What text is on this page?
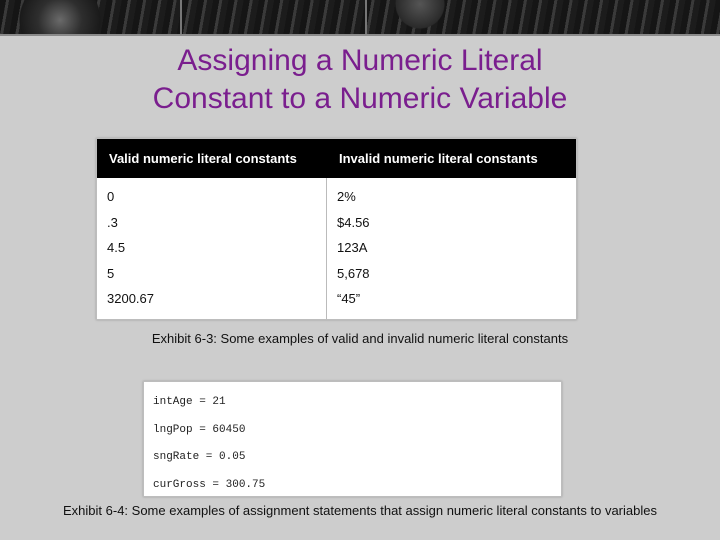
Assigning a Numeric Literal
Constant to a Numeric Variable
Valid numeric literal constants	Invalid numeric literal constants
0
.3
4.5
5
3200.67
2%
$4.56
123A
5,678
“45”
Exhibit 6-3: Some examples of valid and invalid numeric literal constants
intAge = 21
lngPop = 60450
sngRate = 0.05
curGross = 300.75
Exhibit 6-4: Some examples of assignment statements that assign numeric literal constants to variables
